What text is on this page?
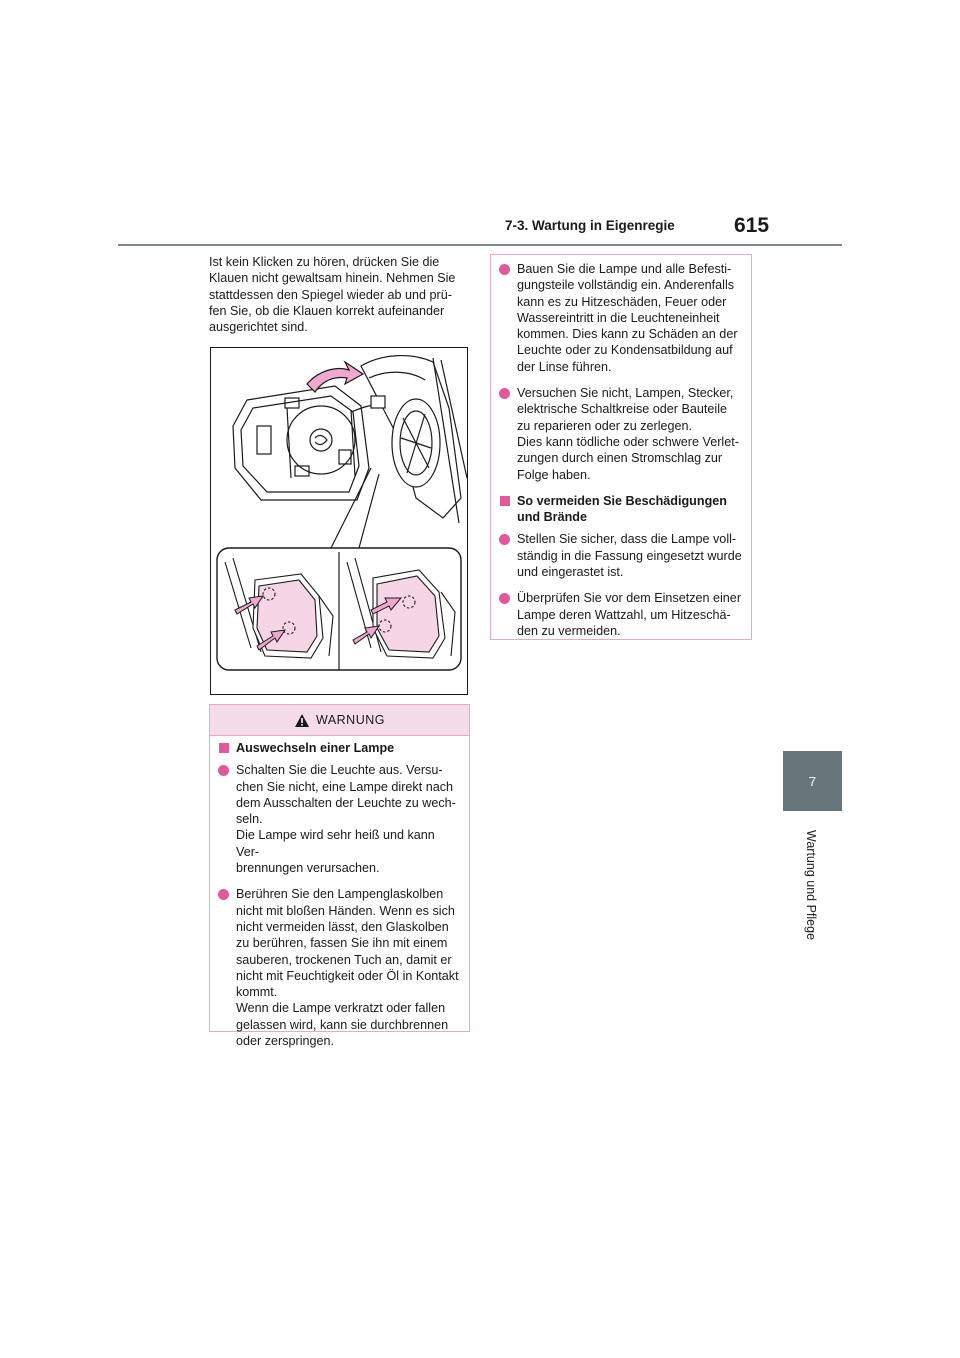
7-3. Wartung in Eigenregie	615
7
Wartung und Pflege

Ist kein Klicken zu hören, drücken Sie die
Klauen nicht gewaltsam hinein. Nehmen Sie
stattdessen den Spiegel wieder ab und prü-
fen Sie, ob die Klauen korrekt aufeinander
ausgerichtet sind.

WARNUNG

Auswechseln einer Lampe

Schalten Sie die Leuchte aus. Versu-
chen Sie nicht, eine Lampe direkt nach
dem Ausschalten der Leuchte zu wech-
seln.
Die Lampe wird sehr heiß und kann Ver-
brennungen verursachen.

Berühren Sie den Lampenglaskolben
nicht mit bloßen Händen. Wenn es sich
nicht vermeiden lässt, den Glaskolben
zu berühren, fassen Sie ihn mit einem
sauberen, trockenen Tuch an, damit er
nicht mit Feuchtigkeit oder Öl in Kontakt
kommt.
Wenn die Lampe verkratzt oder fallen
gelassen wird, kann sie durchbrennen
oder zerspringen.

Bauen Sie die Lampe und alle Befesti-
gungsteile vollständig ein. Anderenfalls
kann es zu Hitzeschäden, Feuer oder
Wassereintritt in die Leuchteneinheit
kommen. Dies kann zu Schäden an der
Leuchte oder zu Kondensatbildung auf
der Linse führen.

Versuchen Sie nicht, Lampen, Stecker,
elektrische Schaltkreise oder Bauteile
zu reparieren oder zu zerlegen.
Dies kann tödliche oder schwere Verlet-
zungen durch einen Stromschlag zur
Folge haben.

So vermeiden Sie Beschädigungen
und Brände

Stellen Sie sicher, dass die Lampe voll-
ständig in die Fassung eingesetzt wurde
und eingerastet ist.

Überprüfen Sie vor dem Einsetzen einer
Lampe deren Wattzahl, um Hitzeschä-
den zu vermeiden.
